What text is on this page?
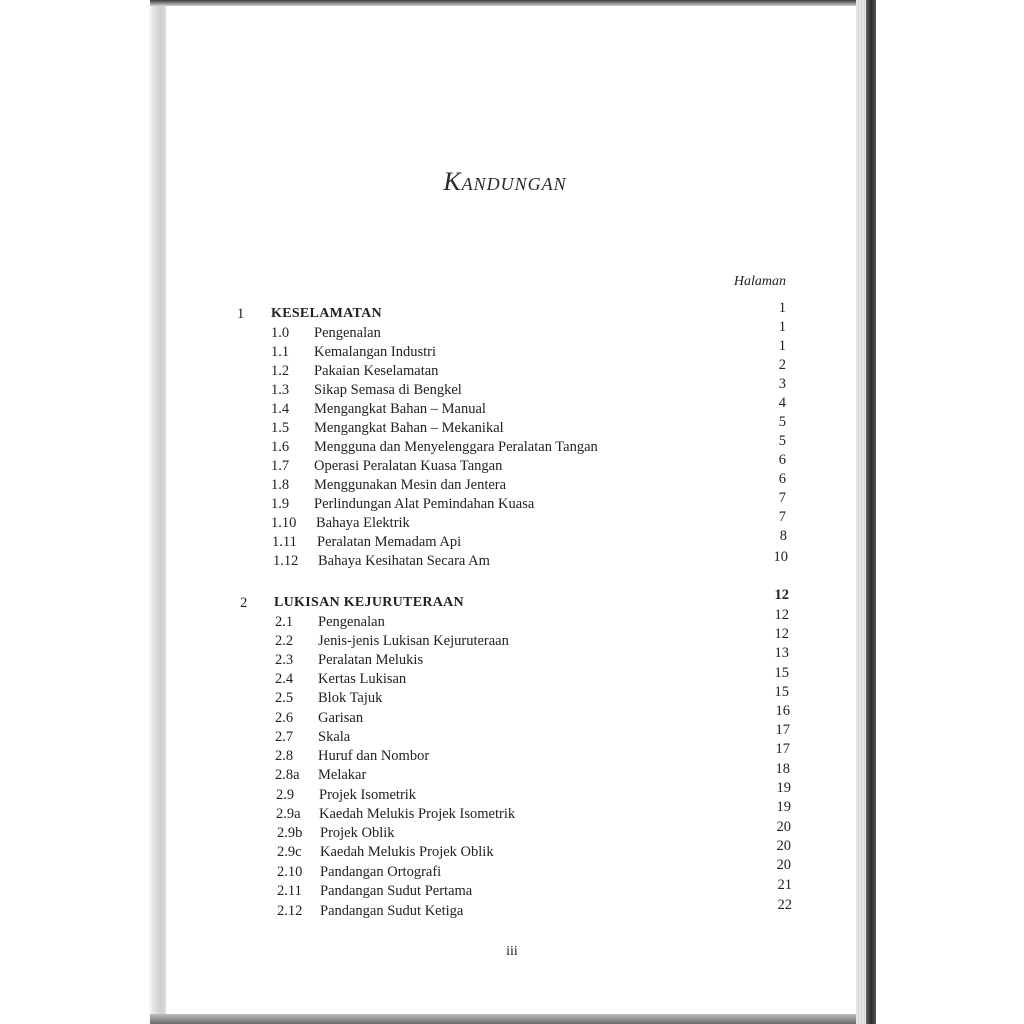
Kandungan
Halaman
1 KESELAMATAN	1
1.0 Pengenalan	1
1.1 Kemalangan Industri	1
1.2 Pakaian Keselamatan	2
1.3 Sikap Semasa di Bengkel	3
1.4 Mengangkat Bahan – Manual	4
1.5 Mengangkat Bahan – Mekanikal	5
1.6 Mengguna dan Menyelenggara Peralatan Tangan	5
1.7 Operasi Peralatan Kuasa Tangan	6
1.8 Menggunakan Mesin dan Jentera	6
1.9 Perlindungan Alat Pemindahan Kuasa	7
1.10 Bahaya Elektrik	7
1.11 Peralatan Memadam Api	8
1.12 Bahaya Kesihatan Secara Am	10
2 LUKISAN KEJURUTERAAN	12
2.1 Pengenalan	12
2.2 Jenis-jenis Lukisan Kejuruteraan	12
2.3 Peralatan Melukis	13
2.4 Kertas Lukisan	15
2.5 Blok Tajuk	15
2.6 Garisan	16
2.7 Skala	17
2.8 Huruf dan Nombor	17
2.8a Melakar	18
2.9 Projek Isometrik	19
2.9a Kaedah Melukis Projek Isometrik	19
2.9b Projek Oblik	20
2.9c Kaedah Melukis Projek Oblik	20
2.10 Pandangan Ortografi	20
2.11 Pandangan Sudut Pertama	21
2.12 Pandangan Sudut Ketiga	22
iii
